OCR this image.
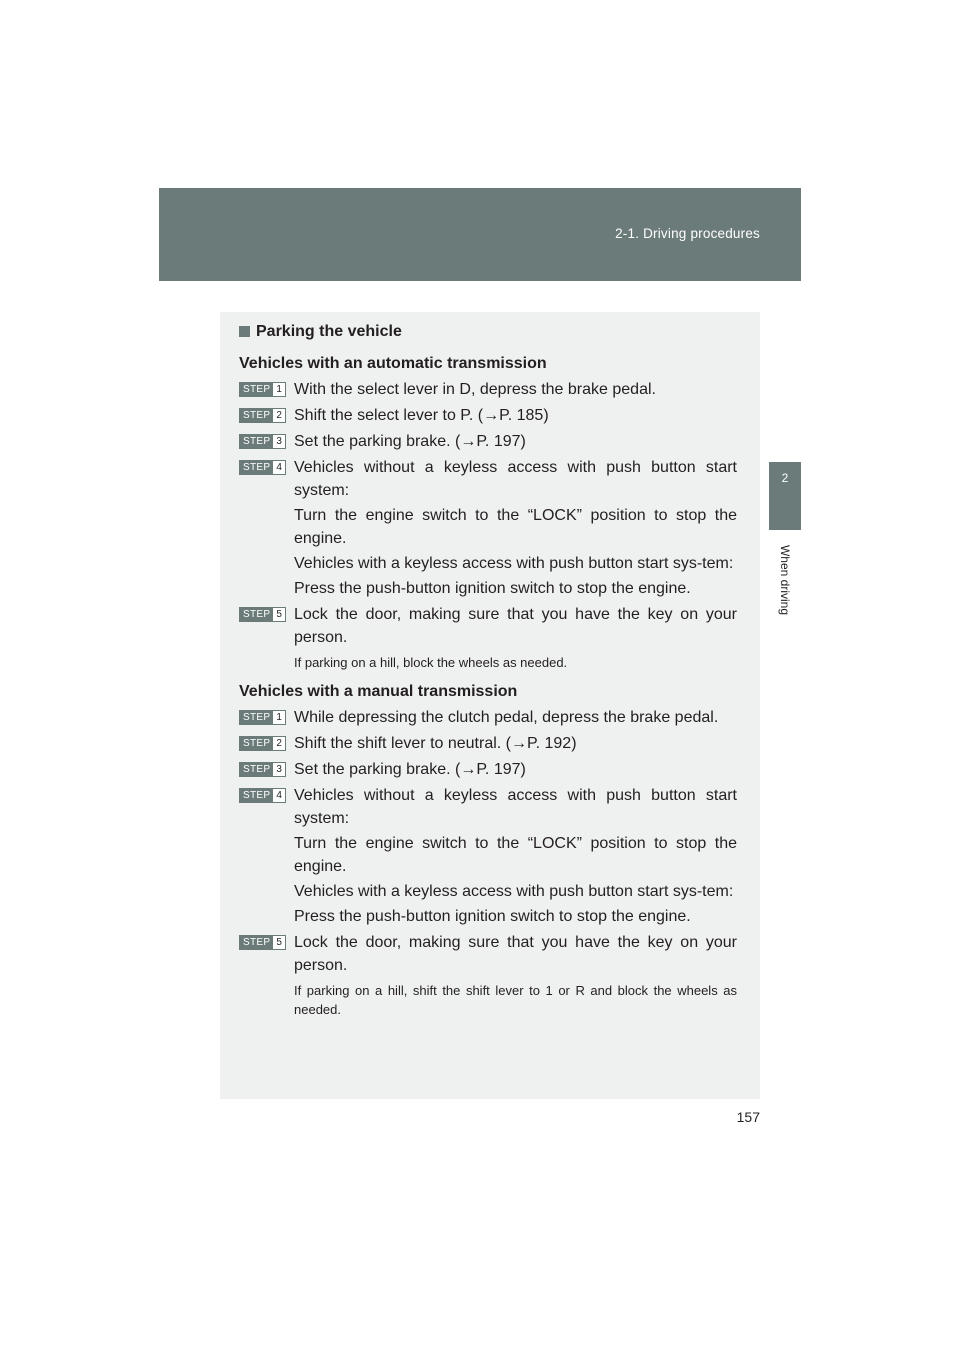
2-1. Driving procedures
2
When driving
Parking the vehicle
Vehicles with an automatic transmission
STEP 1 With the select lever in D, depress the brake pedal.

STEP 2 Shift the select lever to P. (→P. 185)

STEP 3 Set the parking brake. (→P. 197)

STEP 4 Vehicles without a keyless access with push button start system:

Turn the engine switch to the “LOCK” position to stop the engine.

Vehicles with a keyless access with push button start sys-tem:

Press the push-button ignition switch to stop the engine.

STEP 5 Lock the door, making sure that you have the key on your person.

If parking on a hill, block the wheels as needed.
Vehicles with a manual transmission
STEP 1 While depressing the clutch pedal, depress the brake pedal.

STEP 2 Shift the shift lever to neutral. (→P. 192)

STEP 3 Set the parking brake. (→P. 197)

STEP 4 Vehicles without a keyless access with push button start system:

Turn the engine switch to the “LOCK” position to stop the engine.

Vehicles with a keyless access with push button start sys-tem:

Press the push-button ignition switch to stop the engine.

STEP 5 Lock the door, making sure that you have the key on your person.

If parking on a hill, shift the shift lever to 1 or R and block the wheels as needed.
157
